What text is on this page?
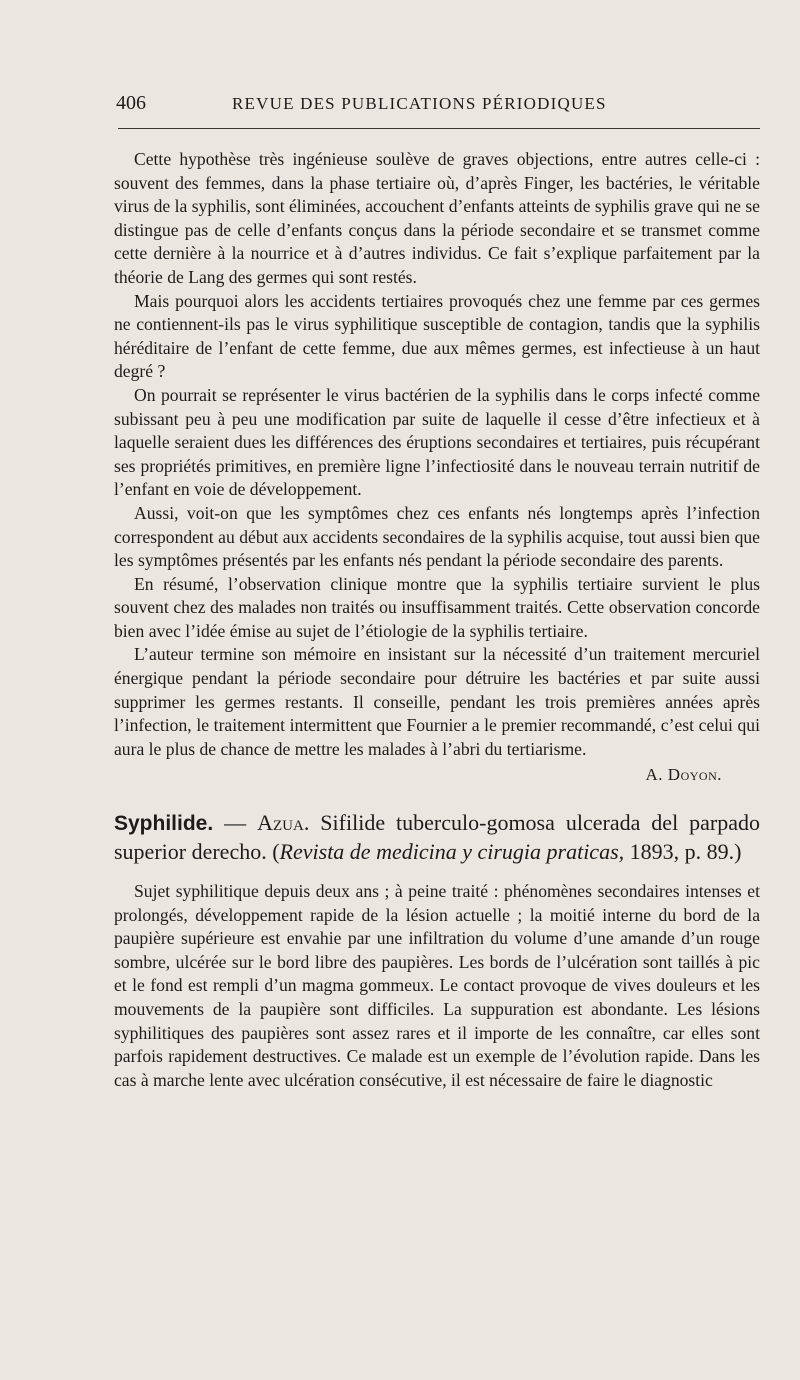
406	REVUE DES PUBLICATIONS PÉRIODIQUES

Cette hypothèse très ingénieuse soulève de graves objections, entre autres celle-ci : souvent des femmes, dans la phase tertiaire où, d’après Finger, les bactéries, le véritable virus de la syphilis, sont éliminées, accouchent d’enfants atteints de syphilis grave qui ne se distingue pas de celle d’enfants conçus dans la période secondaire et se transmet comme cette dernière à la nourrice et à d’autres individus. Ce fait s’explique parfaitement par la théorie de Lang des germes qui sont restés.

Mais pourquoi alors les accidents tertiaires provoqués chez une femme par ces germes ne contiennent-ils pas le virus syphilitique susceptible de contagion, tandis que la syphilis héréditaire de l’enfant de cette femme, due aux mêmes germes, est infectieuse à un haut degré ?

On pourrait se représenter le virus bactérien de la syphilis dans le corps infecté comme subissant peu à peu une modification par suite de laquelle il cesse d’être infectieux et à laquelle seraient dues les différences des éruptions secondaires et tertiaires, puis récupérant ses propriétés primitives, en première ligne l’infectiosité dans le nouveau terrain nutritif de l’enfant en voie de développement.

Aussi, voit-on que les symptômes chez ces enfants nés longtemps après l’infection correspondent au début aux accidents secondaires de la syphilis acquise, tout aussi bien que les symptômes présentés par les enfants nés pendant la période secondaire des parents.

En résumé, l’observation clinique montre que la syphilis tertiaire survient le plus souvent chez des malades non traités ou insuffisamment traités. Cette observation concorde bien avec l’idée émise au sujet de l’étiologie de la syphilis tertiaire.

L’auteur termine son mémoire en insistant sur la nécessité d’un traitement mercuriel énergique pendant la période secondaire pour détruire les bactéries et par suite aussi supprimer les germes restants. Il conseille, pendant les trois premières années après l’infection, le traitement intermittent que Fournier a le premier recommandé, c’est celui qui aura le plus de chance de mettre les malades à l’abri du tertiarisme.

A. Doyon.
Syphilide. — Azua. Sifilide tuberculo-gomosa ulcerada del parpado superior derecho. (Revista de medicina y cirugia praticas, 1893, p. 89.)

Sujet syphilitique depuis deux ans ; à peine traité : phénomènes secondaires intenses et prolongés, développement rapide de la lésion actuelle ; la moitié interne du bord de la paupière supérieure est envahie par une infiltration du volume d’une amande d’un rouge sombre, ulcérée sur le bord libre des paupières. Les bords de l’ulcération sont taillés à pic et le fond est rempli d’un magma gommeux. Le contact provoque de vives douleurs et les mouvements de la paupière sont difficiles. La suppuration est abondante. Les lésions syphilitiques des paupières sont assez rares et il importe de les connaître, car elles sont parfois rapidement destructives. Ce malade est un exemple de l’évolution rapide. Dans les cas à marche lente avec ulcération consécutive, il est nécessaire de faire le diagnostic
